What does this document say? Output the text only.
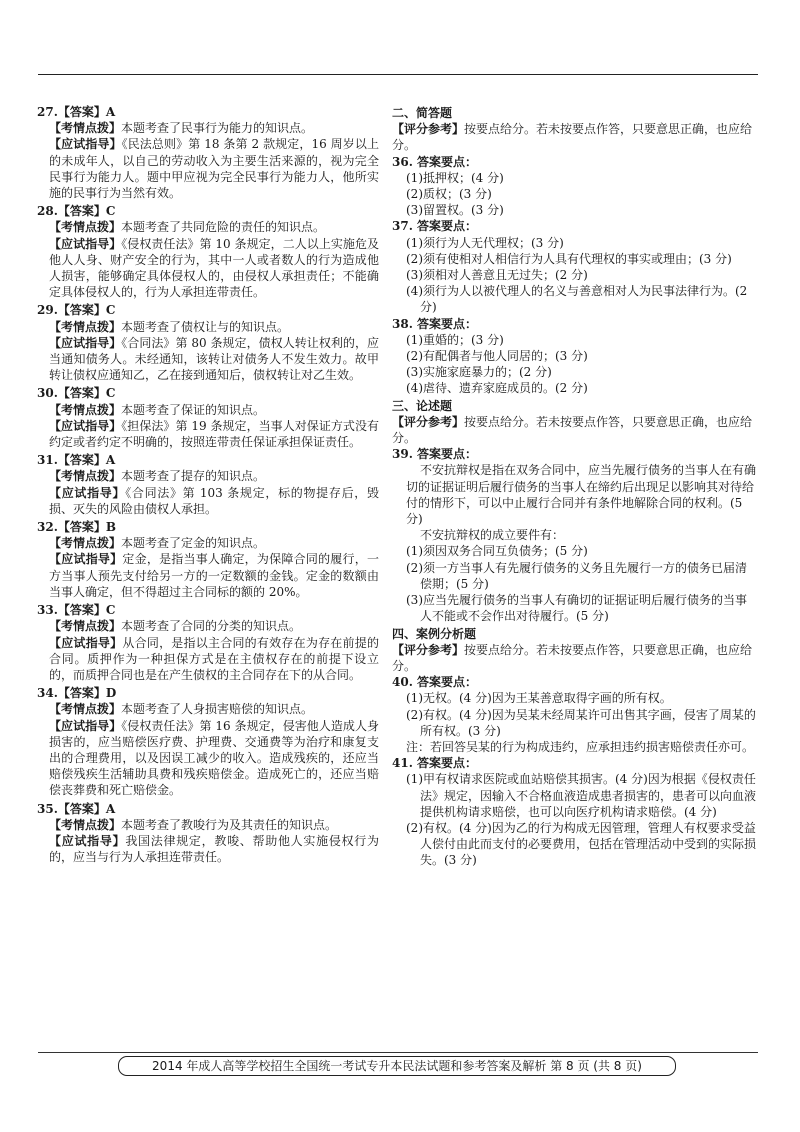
27.【答案】A
【考情点拨】本题考查了民事行为能力的知识点。
【应试指导】《民法总则》第 18 条第 2 款规定，16 周岁以上的未成年人，以自己的劳动收入为主要生活来源的，视为完全民事行为能力人。题中甲应视为完全民事行为能力人，他所实施的民事行为当然有效。
28.【答案】C
【考情点拨】本题考查了共同危险的责任的知识点。
【应试指导】《侵权责任法》第 10 条规定，二人以上实施危及他人人身、财产安全的行为，其中一人或者数人的行为造成他人损害，能够确定具体侵权人的，由侵权人承担责任；不能确定具体侵权人的，行为人承担连带责任。
29.【答案】C
【考情点拨】本题考查了债权让与的知识点。
【应试指导】《合同法》第 80 条规定，债权人转让权利的，应当通知债务人。未经通知，该转让对债务人不发生效力。故甲转让债权应通知乙，乙在接到通知后，债权转让对乙生效。
30.【答案】C
【考情点拨】本题考查了保证的知识点。
【应试指导】《担保法》第 19 条规定，当事人对保证方式没有约定或者约定不明确的，按照连带责任保证承担保证责任。
31.【答案】A
【考情点拨】本题考查了提存的知识点。
【应试指导】《合同法》第 103 条规定，标的物提存后，毁损、灭失的风险由债权人承担。
32.【答案】B
【考情点拨】本题考查了定金的知识点。
【应试指导】定金，是指当事人确定，为保障合同的履行，一方当事人预先支付给另一方的一定数额的金钱。定金的数额由当事人确定，但不得超过主合同标的额的 20%。
33.【答案】C
【考情点拨】本题考查了合同的分类的知识点。
【应试指导】从合同，是指以主合同的有效存在为存在前提的合同。质押作为一种担保方式是在主债权存在的前提下设立的，而质押合同也是在产生债权的主合同存在下的从合同。
34.【答案】D
【考情点拨】本题考查了人身损害赔偿的知识点。
【应试指导】《侵权责任法》第 16 条规定，侵害他人造成人身损害的，应当赔偿医疗费、护理费、交通费等为治疗和康复支出的合理费用，以及因误工减少的收入。造成残疾的，还应当赔偿残疾生活辅助具费和残疾赔偿金。造成死亡的，还应当赔偿丧葬费和死亡赔偿金。
35.【答案】A
【考情点拨】本题考查了教唆行为及其责任的知识点。
【应试指导】我国法律规定，教唆、帮助他人实施侵权行为的，应当与行为人承担连带责任。
二、简答题
【评分参考】按要点给分。若未按要点作答，只要意思正确，也应给分。
36. 答案要点：
(1)抵押权；(4 分)
(2)质权；(3 分)
(3)留置权。(3 分)
37. 答案要点：
(1)须行为人无代理权；(3 分)
(2)须有使相对人相信行为人具有代理权的事实或理由；(3 分)
(3)须相对人善意且无过失；(2 分)
(4)须行为人以被代理人的名义与善意相对人为民事法律行为。(2 分)
38. 答案要点：
(1)重婚的；(3 分)
(2)有配偶者与他人同居的；(3 分)
(3)实施家庭暴力的；(2 分)
(4)虐待、遗弃家庭成员的。(2 分)
三、论述题
【评分参考】按要点给分。若未按要点作答，只要意思正确，也应给分。
39. 答案要点：
不安抗辩权是指在双务合同中，应当先履行债务的当事人在有确切的证据证明后履行债务的当事人在缔约后出现足以影响其对待给付的情形下，可以中止履行合同并有条件地解除合同的权利。(5 分)
不安抗辩权的成立要件有：
(1)须因双务合同互负债务；(5 分)
(2)须一方当事人有先履行债务的义务且先履行一方的债务已届清偿期；(5 分)
(3)应当先履行债务的当事人有确切的证据证明后履行债务的当事人不能或不会作出对待履行。(5 分)
四、案例分析题
【评分参考】按要点给分。若未按要点作答，只要意思正确，也应给分。
40. 答案要点：
(1)无权。(4 分)因为王某善意取得字画的所有权。
(2)有权。(4 分)因为吴某未经周某许可出售其字画，侵害了周某的所有权。(3 分)
注：若回答吴某的行为构成违约，应承担违约损害赔偿责任亦可。
41. 答案要点：
(1)甲有权请求医院或血站赔偿其损害。(4 分)因为根据《侵权责任法》规定，因输入不合格血液造成患者损害的，患者可以向血液提供机构请求赔偿，也可以向医疗机构请求赔偿。(4 分)
(2)有权。(4 分)因为乙的行为构成无因管理，管理人有权要求受益人偿付由此而支付的必要费用，包括在管理活动中受到的实际损失。(3 分)
2014 年成人高等学校招生全国统一考试专升本民法试题和参考答案及解析 第 8 页 (共 8 页)
